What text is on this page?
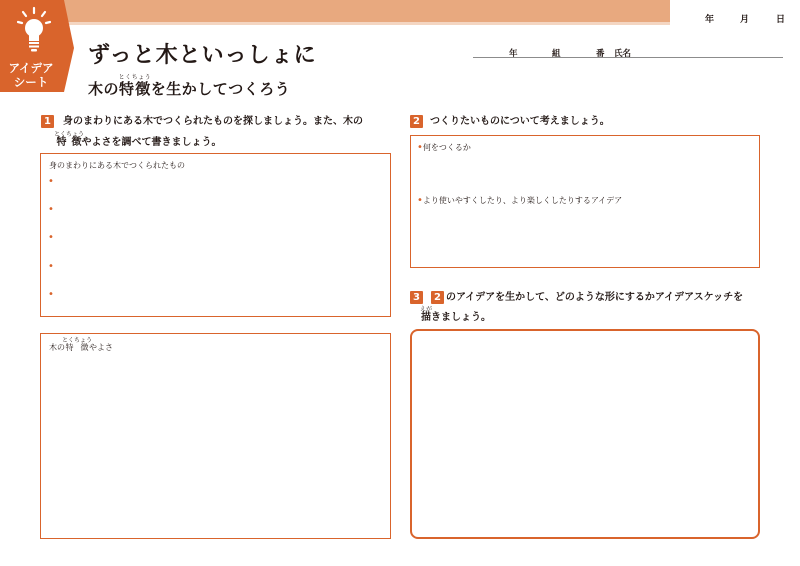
アイデア
シート
年	月	日
ずっと木といっしょに
木の特徴とくちょうを生かしてつくろう
年	組	番 氏名
1	身のまわりにある木でつくられたものを探しましょう。また、木の
特徴とくちょうやよさを調べて書きましょう。
身のまわりにある木でつくられたもの
•
•
•
•
•
木の特徴とくちょうやよさ
2	つくりたいものについて考えましょう。
•何をつくるか
•より使いやすくしたり、より楽しくしたりするアイデア
3	2 のアイデアを生かして、どのような形にするかアイデアスケッチを
描えがきましょう。
